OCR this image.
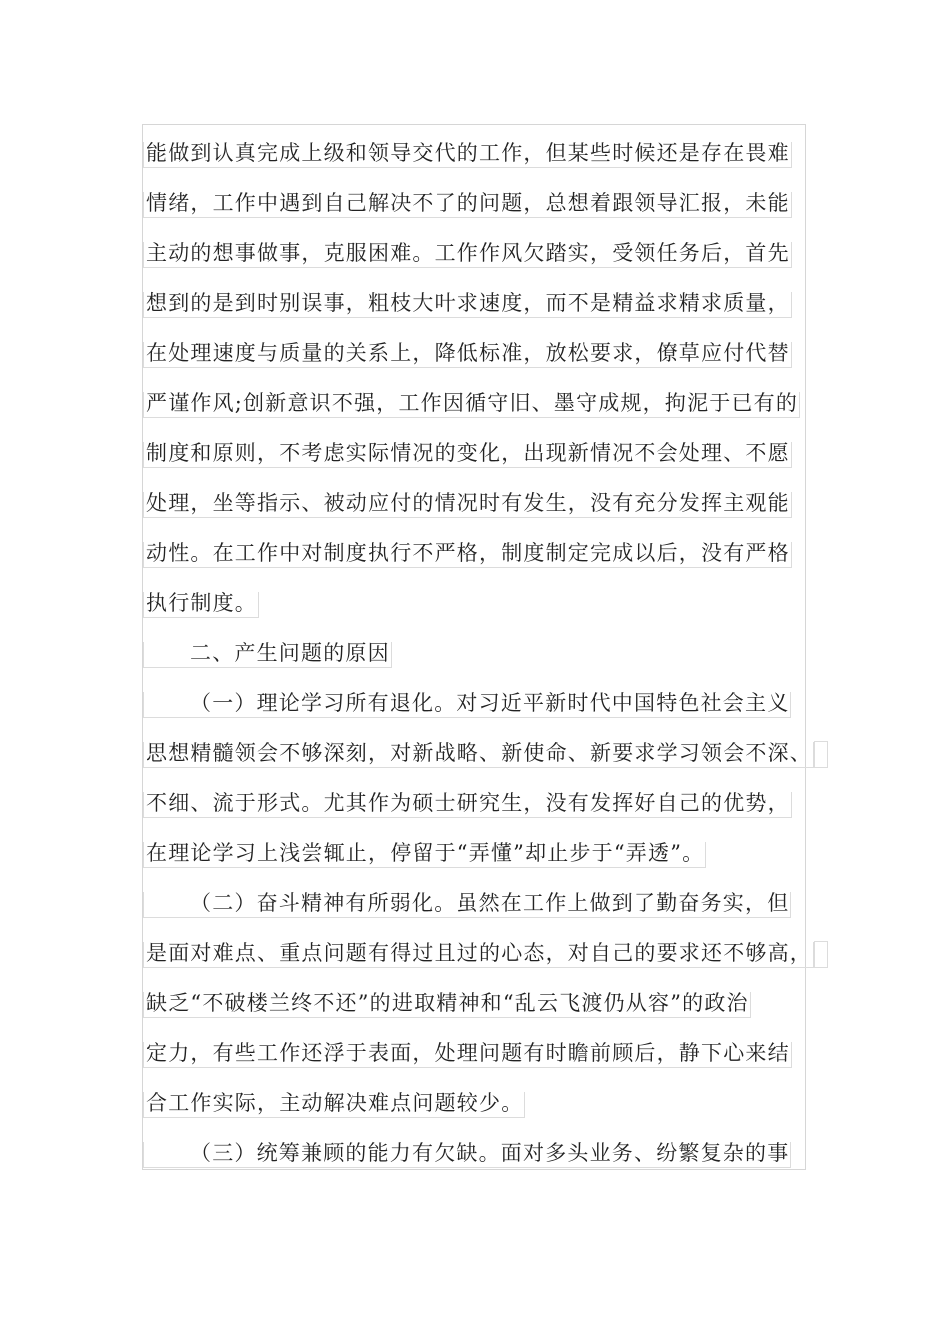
能做到认真完成上级和领导交代的工作，但某些时候还是存在畏难
情绪，工作中遇到自己解决不了的问题，总想着跟领导汇报，未能
主动的想事做事，克服困难。工作作风欠踏实，受领任务后，首先
想到的是到时别误事，粗枝大叶求速度，而不是精益求精求质量，
在处理速度与质量的关系上，降低标准，放松要求，僚草应付代替
严谨作风;创新意识不强，工作因循守旧、墨守成规，拘泥于已有的
制度和原则，不考虑实际情况的变化，出现新情况不会处理、不愿
处理，坐等指示、被动应付的情况时有发生，没有充分发挥主观能
动性。在工作中对制度执行不严格，制度制定完成以后，没有严格
执行制度。
二、产生问题的原因
（一）理论学习所有退化。对习近平新时代中国特色社会主义
思想精髓领会不够深刻，对新战略、新使命、新要求学习领会不深、
不细、流于形式。尤其作为硕士研究生，没有发挥好自己的优势，
在理论学习上浅尝辄止，停留于“弄懂”却止步于“弄透”。
（二）奋斗精神有所弱化。虽然在工作上做到了勤奋务实，但
是面对难点、重点问题有得过且过的心态，对自己的要求还不够高，
缺乏“不破楼兰终不还”的进取精神和“乱云飞渡仍从容”的政治
定力，有些工作还浮于表面，处理问题有时瞻前顾后，静下心来结
合工作实际，主动解决难点问题较少。
（三）统筹兼顾的能力有欠缺。面对多头业务、纷繁复杂的事
